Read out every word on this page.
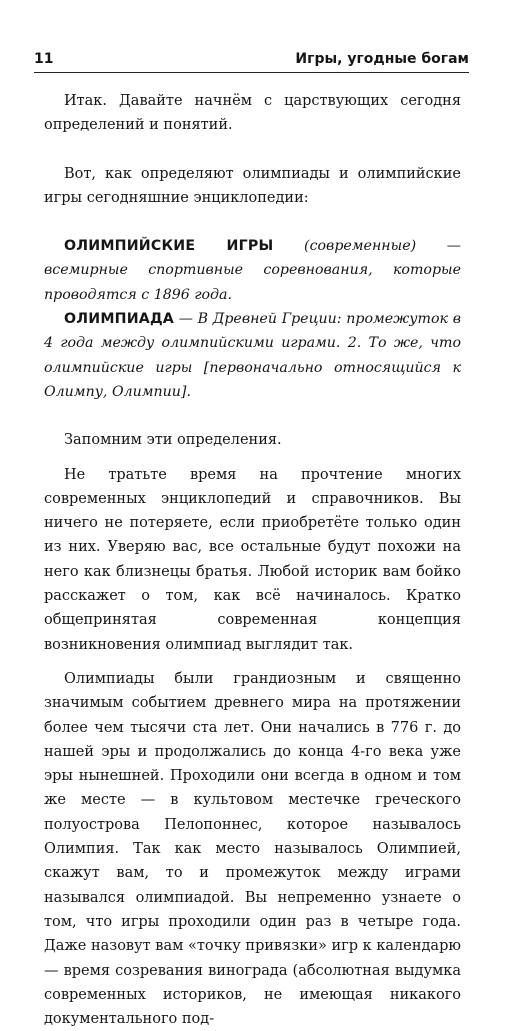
11	Игры, угодные богам

Итак. Давайте начнём с царствующих сегодня определений и понятий.

Вот, как определяют олимпиады и олимпийские игры сегодняшние энциклопедии:

ОЛИМПИЙСКИЕ ИГРЫ (современные) — всемирные спортивные соревнования, которые проводятся с 1896 года.

ОЛИМПИАДА — В Древней Греции: промежуток в 4 года между олимпийскими играми. 2. То же, что олимпийские игры [первоначально относящийся к Олимпу, Олимпии].

Запомним эти определения.

Не тратьте время на прочтение многих современных энциклопедий и справочников. Вы ничего не потеряете, если приобретёте только один из них. Уверяю вас, все остальные будут похожи на него как близнецы братья. Любой историк вам бойко расскажет о том, как всё начиналось. Кратко общепринятая современная концепция возникновения олимпиад выглядит так.

Олимпиады были грандиозным и священно значимым событием древнего мира на протяжении более чем тысячи стa лет. Они начались в 776 г. до нашей эры и продолжались до конца 4-го века уже эры нынешней. Проходили они всегда в одном и том же месте — в культовом местечке греческого полуострова Пелопоннес, которое называлось Олимпия. Так как место называлось Олимпией, скажут вам, то и промежуток между играми назывался олимпиадой. Вы непременно узнаете о том, что игры проходили один раз в четыре года. Даже назовут вам «точку привязки» игр к календарю — время созревания винограда (абсолютная выдумка современных историков, не имеющая никакого документального под-
